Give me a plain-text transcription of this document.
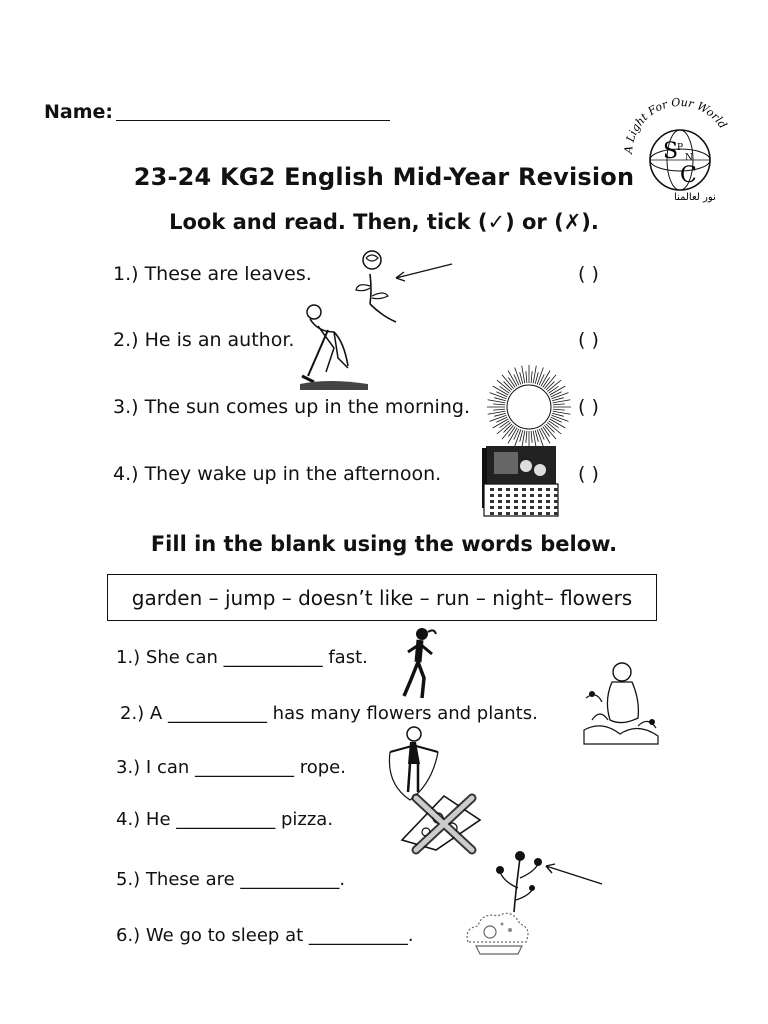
Name:
A Light For Our World
S
P
N
C
نور لعالمنا
23-24 KG2 English Mid-Year Revision
Look and read. Then, tick (✓) or (✗).
1.) These are leaves.	( )
2.) He is an author.	( )
3.) The sun comes up in the morning.	( )
4.) They wake up in the afternoon.	( )
Fill in the blank using the words below.
garden – jump – doesn’t like – run – night– flowers
1.) She can ___________ fast.
2.) A ___________ has many flowers and plants.
3.) I can ___________ rope.
4.) He ___________ pizza.
5.) These are ___________.
6.) We go to sleep at ___________.
